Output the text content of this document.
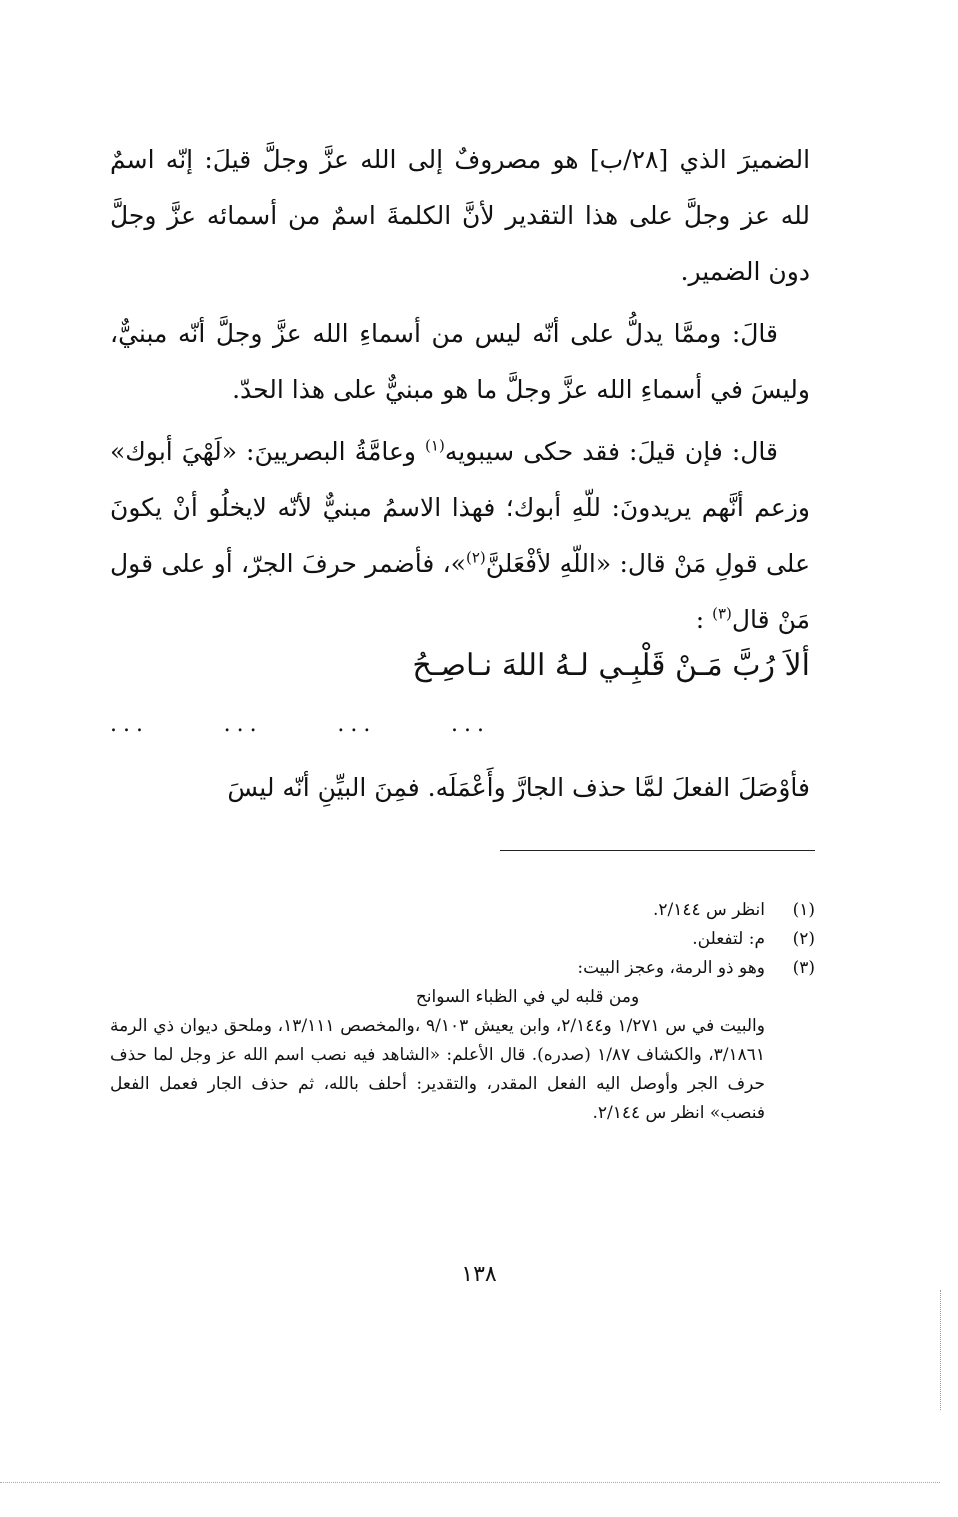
الضميرَ الذي [٢٨/ب] هو مصروفٌ إلى الله عزَّ وجلَّ قيلَ: إنّه اسمٌ لله عز وجلَّ على هذا التقدير لأنَّ الكلمةَ اسمٌ من أسمائه عزَّ وجلَّ دون الضمير.

قالَ: وممَّا يدلُّ على أنّه ليس من أسماءِ الله عزَّ وجلَّ أنّه مبنيٌّ، وليسَ في أسماءِ الله عزَّ وجلَّ ما هو مبنيٌّ على هذا الحدّ.

قال: فإن قيلَ: فقد حكى سيبويه$^{(١)}$ وعامَّةُ البصريينَ: «لَهْيَ أبوك» وزعم أنَّهم يريدونَ: للّهِ أبوك؛ فهذا الاسمُ مبنيٌّ لأنّه لايخلُو أنْ يكونَ على قولِ مَنْ قال: «اللّهِ لأفْعَلنَّ$^{(٢)}$»، فأضمر حرفَ الجرّ، أو على قول مَنْ قال$^{(٣)}$ :

ألاَ رُبَّ مَـنْ قَلْبِـي لـهُ اللهَ نـاصِـحُ
...	...	...	...
فأوْصَلَ الفعلَ لمَّا حذف الجارَّ وأَعْمَلَه. فمِنَ البيِّنِ أنّه ليسَ
(١)
انظر س ٢/١٤٤.
(٢)
م: لتفعلن.
(٣)
وهو ذو الرمة، وعجز البيت:
ومن قلبه لي في الظباء السوانح
والبيت في س ١/٢٧١ و٢/١٤٤، وابن يعيش ٩/١٠٣ ،والمخصص ١٣/١١١، وملحق ديوان ذي الرمة ٣/١٨٦١، والكشاف ١/٨٧ (صدره). قال الأعلم: «الشاهد فيه نصب اسم الله عز وجل لما حذف حرف الجر وأوصل اليه الفعل المقدر، والتقدير: أحلف بالله، ثم حذف الجار فعمل الفعل فنصب» انظر س ٢/١٤٤.
١٣٨
